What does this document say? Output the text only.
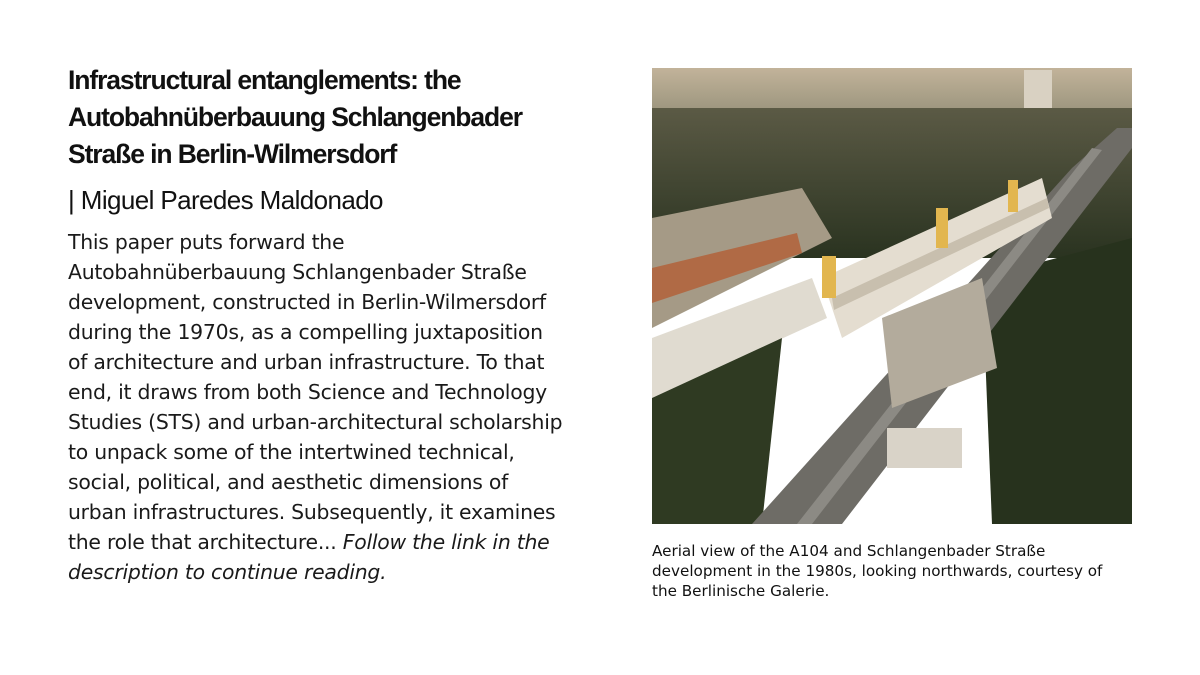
Infrastructural entanglements: the Autobahnüberbauung Schlangenbader Straße in Berlin-Wilmersdorf

| Miguel Paredes Maldonado

This paper puts forward the Autobahnüberbauung Schlangenbader Straße development, constructed in Berlin-Wilmersdorf during the 1970s, as a compelling juxtaposition of architecture and urban infrastructure. To that end, it draws from both Science and Technology Studies (STS) and urban-architectural scholarship to unpack some of the intertwined technical, social, political, and aesthetic dimensions of urban infrastructures. Subsequently, it examines the role that architecture... Follow the link in the description to continue reading.

Aerial view of the A104 and Schlangenbader Straße development in the 1980s, looking northwards, courtesy of the Berlinische Galerie.
